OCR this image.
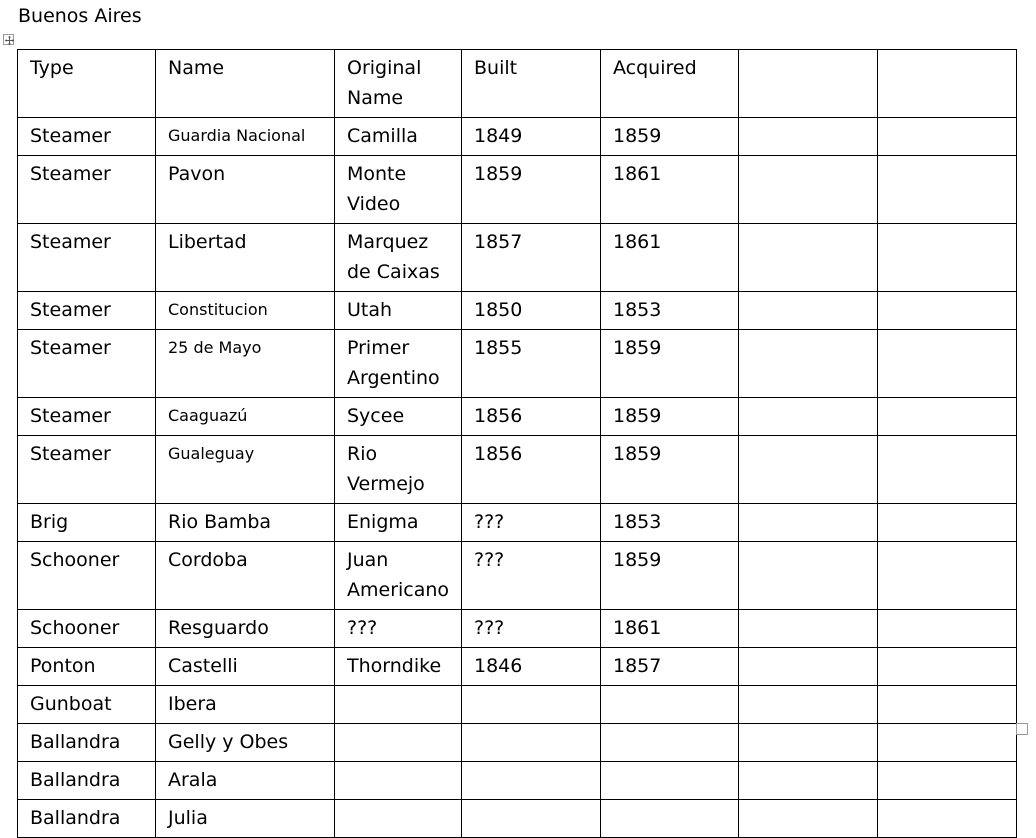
Buenos Aires
Type	Name	Original Name	Built	Acquired		
Steamer	Guardia Nacional	Camilla	1849	1859		
Steamer	Pavon	Monte Video	1859	1861		
Steamer	Libertad	Marquez de Caixas	1857	1861		
Steamer	Constitucion	Utah	1850	1853		
Steamer	25 de Mayo	Primer Argentino	1855	1859		
Steamer	Caaguazú	Sycee	1856	1859		
Steamer	Gualeguay	Rio Vermejo	1856	1859		
Brig	Rio Bamba	Enigma	???	1853		
Schooner	Cordoba	Juan Americano	???	1859		
Schooner	Resguardo	???	???	1861		
Ponton	Castelli	Thorndike	1846	1857		
Gunboat	Ibera					
Ballandra	Gelly y Obes					
Ballandra	Arala					
Ballandra	Julia					
